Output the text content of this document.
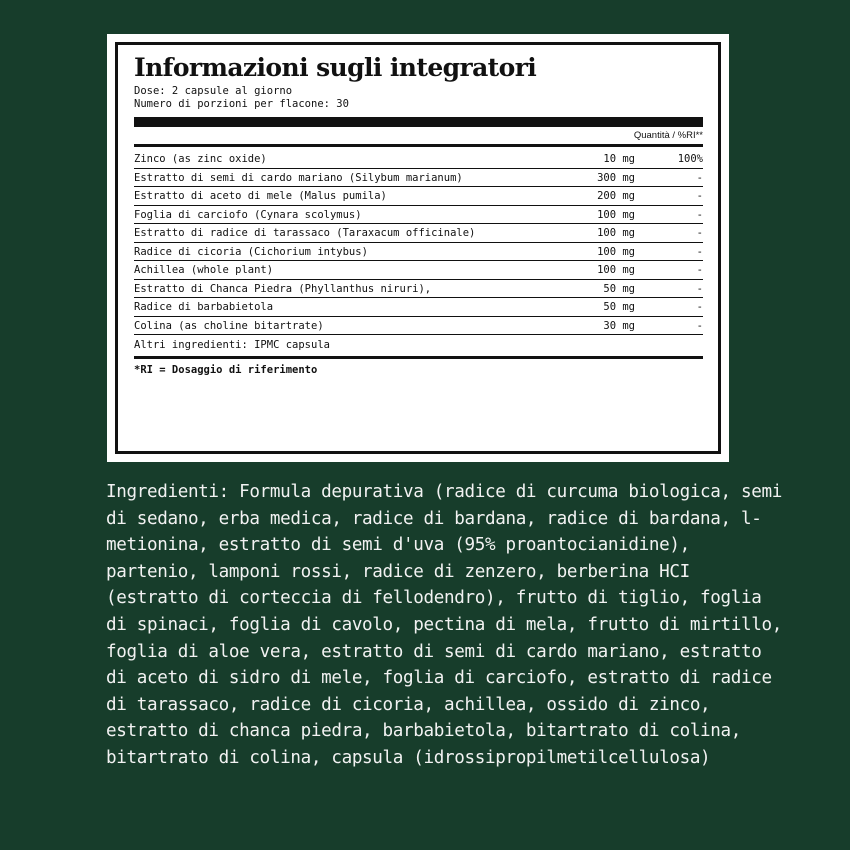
Informazioni sugli integratori
Dose: 2 capsule al giorno
Numero di porzioni per flacone: 30
Quantità / %RI**
Zinco (as zinc oxide)	10 mg	100%
Estratto di semi di cardo mariano (Silybum marianum)	300 mg	-
Estratto di aceto di mele (Malus pumila)	200 mg	-
Foglia di carciofo (Cynara scolymus)	100 mg	-
Estratto di radice di tarassaco (Taraxacum officinale)	100 mg	-
Radice di cicoria (Cichorium intybus)	100 mg	-
Achillea (whole plant)	100 mg	-
Estratto di Chanca Piedra (Phyllanthus niruri),	50 mg	-
Radice di barbabietola	50 mg	-
Colina (as choline bitartrate)	30 mg	-
Altri ingredienti: IPMC capsula
*RI = Dosaggio di riferimento

Ingredienti: Formula depurativa (radice di curcuma biologica, semi di sedano, erba medica, radice di bardana, radice di bardana, l-metionina, estratto di semi d'uva (95% proantocianidine), partenio, lamponi rossi, radice di zenzero, berberina HCI (estratto di corteccia di fellodendro), frutto di tiglio, foglia di spinaci, foglia di cavolo, pectina di mela, frutto di mirtillo, foglia di aloe vera, estratto di semi di cardo mariano, estratto di aceto di sidro di mele, foglia di carciofo, estratto di radice di tarassaco, radice di cicoria, achillea, ossido di zinco, estratto di chanca piedra, barbabietola, bitartrato di colina, bitartrato di colina, capsula (idrossipropilmetilcellulosa)
